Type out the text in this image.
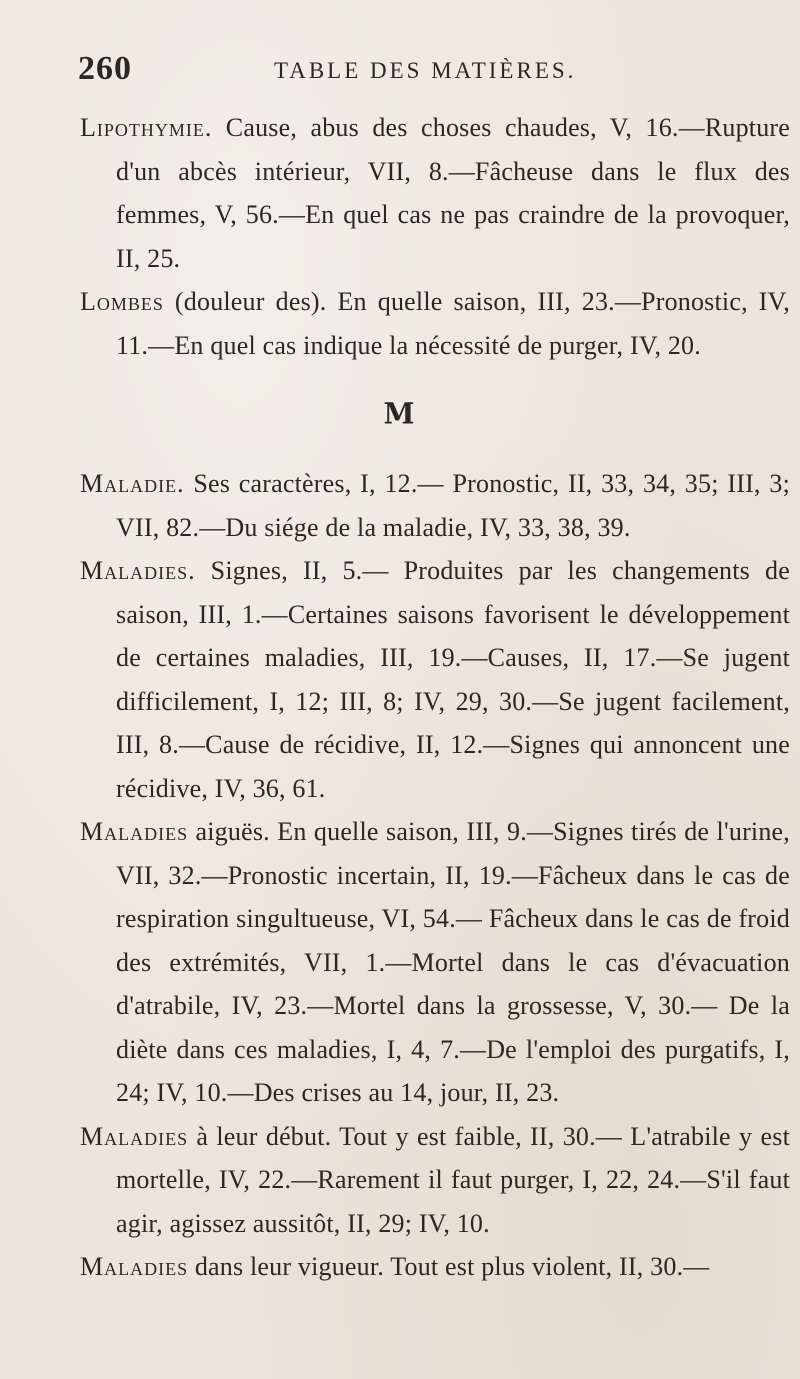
260	TABLE DES MATIÈRES.

Lipothymie. Cause, abus des choses chaudes, V, 16.—Rupture d'un abcès intérieur, VII, 8.—Fâcheuse dans le flux des femmes, V, 56.—En quel cas ne pas craindre de la provoquer, II, 25.

Lombes (douleur des). En quelle saison, III, 23.—Pronostic, IV, 11.—En quel cas indique la nécessité de purger, IV, 20.

M

Maladie. Ses caractères, I, 12.— Pronostic, II, 33, 34, 35; III, 3; VII, 82.—Du siége de la maladie, IV, 33, 38, 39.

Maladies. Signes, II, 5.— Produites par les changements de saison, III, 1.—Certaines saisons favorisent le développement de certaines maladies, III, 19.—Causes, II, 17.—Se jugent difficilement, I, 12; III, 8; IV, 29, 30.—Se jugent facilement, III, 8.—Cause de récidive, II, 12.—Signes qui annoncent une récidive, IV, 36, 61.

Maladies aiguës. En quelle saison, III, 9.—Signes tirés de l'urine, VII, 32.—Pronostic incertain, II, 19.—Fâcheux dans le cas de respiration singultueuse, VI, 54.— Fâcheux dans le cas de froid des extrémités, VII, 1.—Mortel dans le cas d'évacuation d'atrabile, IV, 23.—Mortel dans la grossesse, V, 30.— De la diète dans ces maladies, I, 4, 7.—De l'emploi des purgatifs, I, 24; IV, 10.—Des crises au 14, jour, II, 23.

Maladies à leur début. Tout y est faible, II, 30.— L'atrabile y est mortelle, IV, 22.—Rarement il faut purger, I, 22, 24.—S'il faut agir, agissez aussitôt, II, 29; IV, 10.

Maladies dans leur vigueur. Tout est plus violent, II, 30.—
